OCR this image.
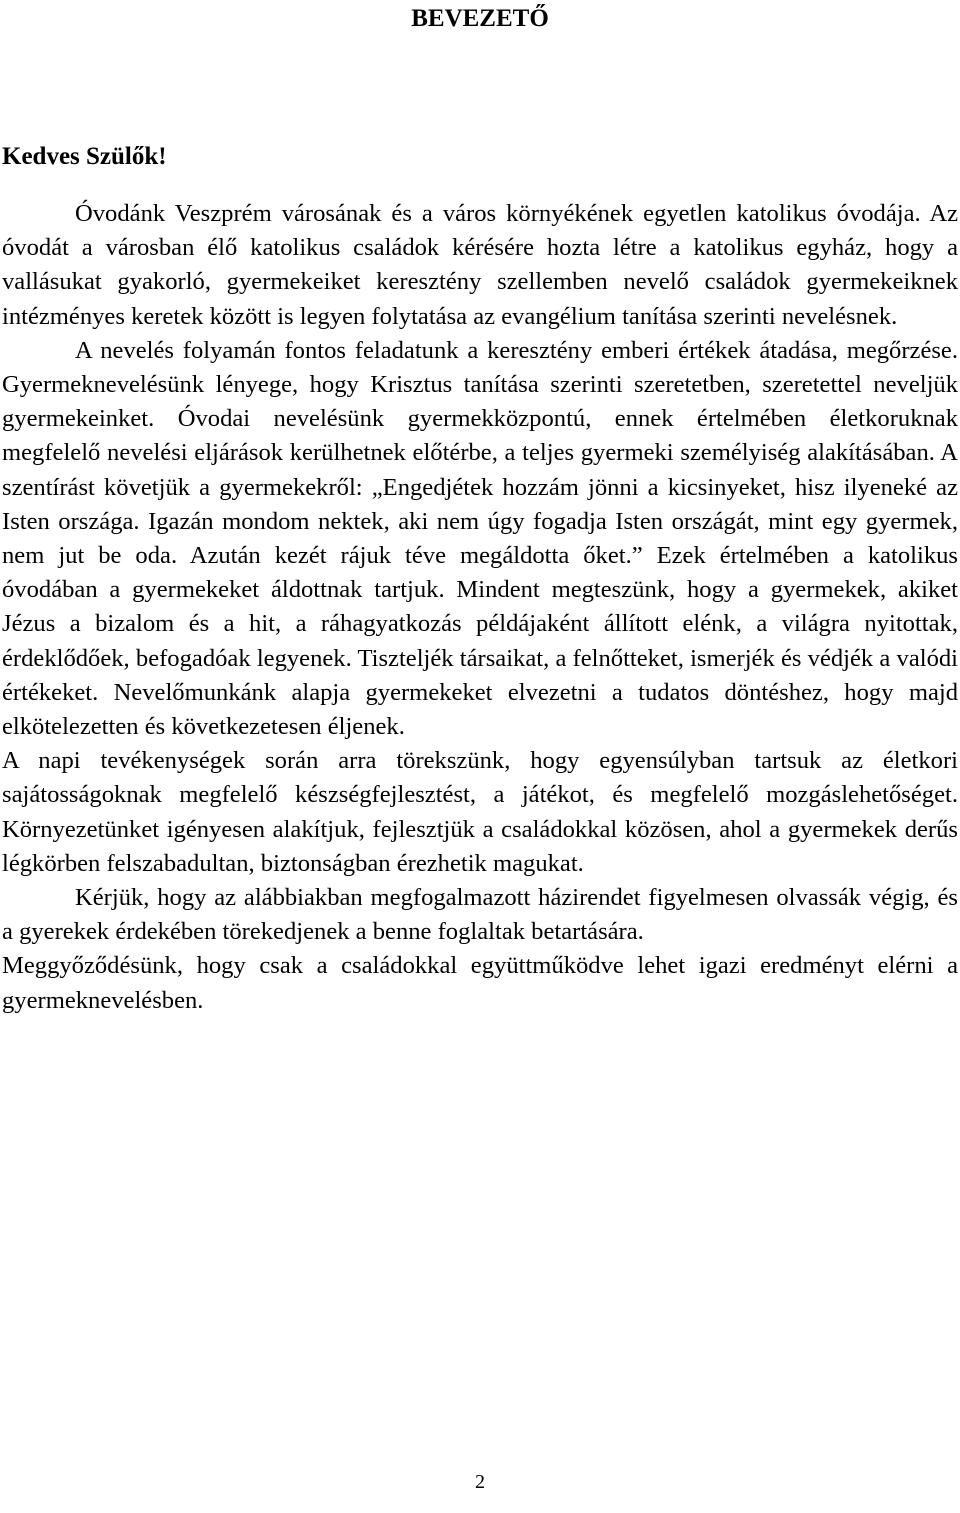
BEVEZETŐ

Kedves Szülők!

Óvodánk Veszprém városának és a város környékének egyetlen katolikus óvodája. Az óvodát a városban élő katolikus családok kérésére hozta létre a katolikus egyház, hogy a vallásukat gyakorló, gyermekeiket keresztény szellemben nevelő családok gyermekeiknek intézményes keretek között is legyen folytatása az evangélium tanítása szerinti nevelésnek.

A nevelés folyamán fontos feladatunk a keresztény emberi értékek átadása, megőrzése. Gyermeknevelésünk lényege, hogy Krisztus tanítása szerinti szeretetben, szeretettel neveljük gyermekeinket. Óvodai nevelésünk gyermekközpontú, ennek értelmében életkoruknak megfelelő nevelési eljárások kerülhetnek előtérbe, a teljes gyermeki személyiség alakításában. A szentírást követjük a gyermekekről: „Engedjétek hozzám jönni a kicsinyeket, hisz ilyeneké az Isten országa. Igazán mondom nektek, aki nem úgy fogadja Isten országát, mint egy gyermek, nem jut be oda. Azután kezét rájuk téve megáldotta őket.” Ezek értelmében a katolikus óvodában a gyermekeket áldottnak tartjuk. Mindent megteszünk, hogy a gyermekek, akiket Jézus a bizalom és a hit, a ráhagyatkozás példájaként állított elénk, a világra nyitottak, érdeklődőek, befogadóak legyenek. Tiszteljék társaikat, a felnőtteket, ismerjék és védjék a valódi értékeket. Nevelőmunkánk alapja gyermekeket elvezetni a tudatos döntéshez, hogy majd elkötelezetten és következetesen éljenek.

A napi tevékenységek során arra törekszünk, hogy egyensúlyban tartsuk az életkori sajátosságoknak megfelelő készségfejlesztést, a játékot, és megfelelő mozgáslehetőséget. Környezetünket igényesen alakítjuk, fejlesztjük a családokkal közösen, ahol a gyermekek derűs légkörben felszabadultan, biztonságban érezhetik magukat.

Kérjük, hogy az alábbiakban megfogalmazott házirendet figyelmesen olvassák végig, és a gyerekek érdekében törekedjenek a benne foglaltak betartására.

Meggyőződésünk, hogy csak a családokkal együttműködve lehet igazi eredményt elérni a gyermeknevelésben.

2
